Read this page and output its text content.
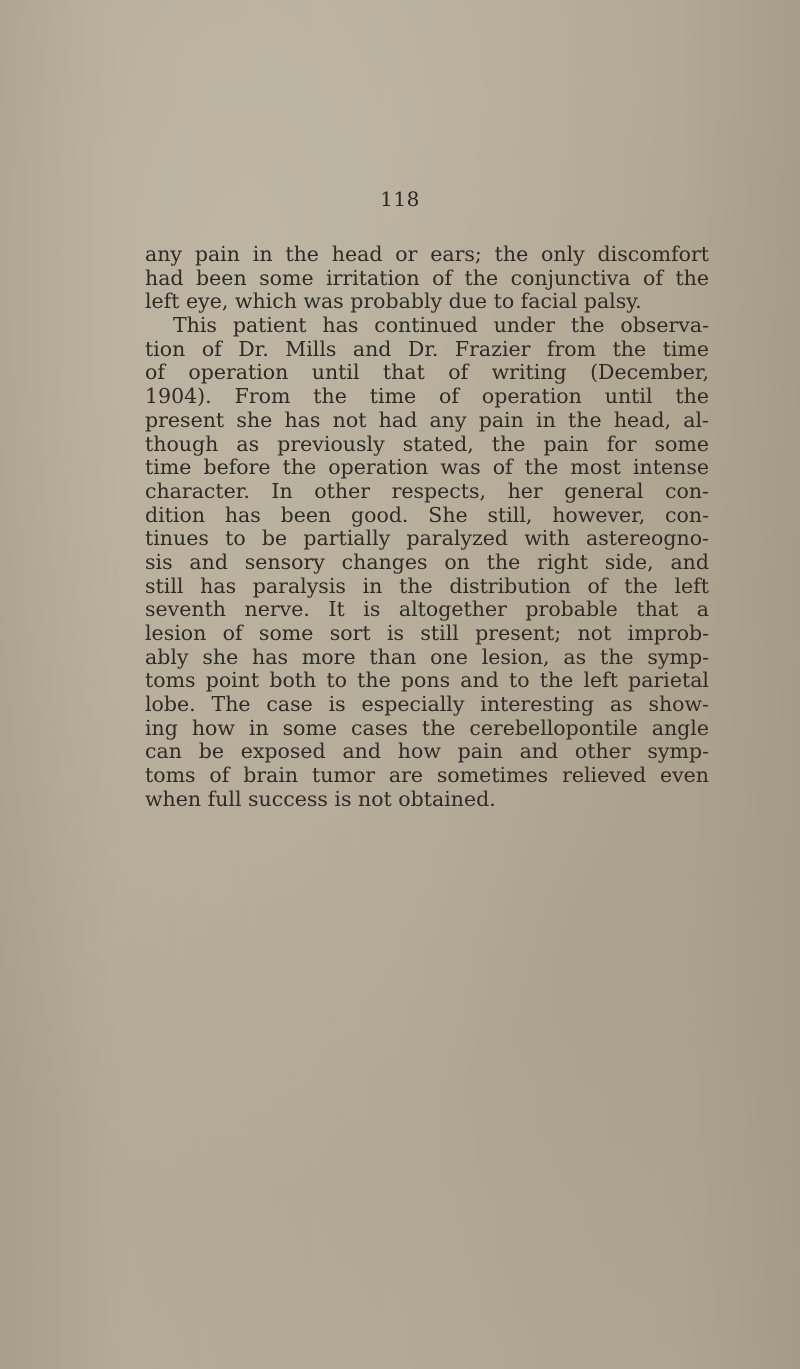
118
any pain in the head or ears; the only discomfort
had been some irritation of the conjunctiva of the
left eye, which was probably due to facial palsy.
This patient has continued under the observa-
tion of Dr. Mills and Dr. Frazier from the time
of operation until that of writing (December,
1904). From the time of operation until the
present she has not had any pain in the head, al-
though as previously stated, the pain for some
time before the operation was of the most intense
character. In other respects, her general con-
dition has been good. She still, however, con-
tinues to be partially paralyzed with astereogno-
sis and sensory changes on the right side, and
still has paralysis in the distribution of the left
seventh nerve. It is altogether probable that a
lesion of some sort is still present; not improb-
ably she has more than one lesion, as the symp-
toms point both to the pons and to the left parietal
lobe. The case is especially interesting as show-
ing how in some cases the cerebellopontile angle
can be exposed and how pain and other symp-
toms of brain tumor are sometimes relieved even
when full success is not obtained.
